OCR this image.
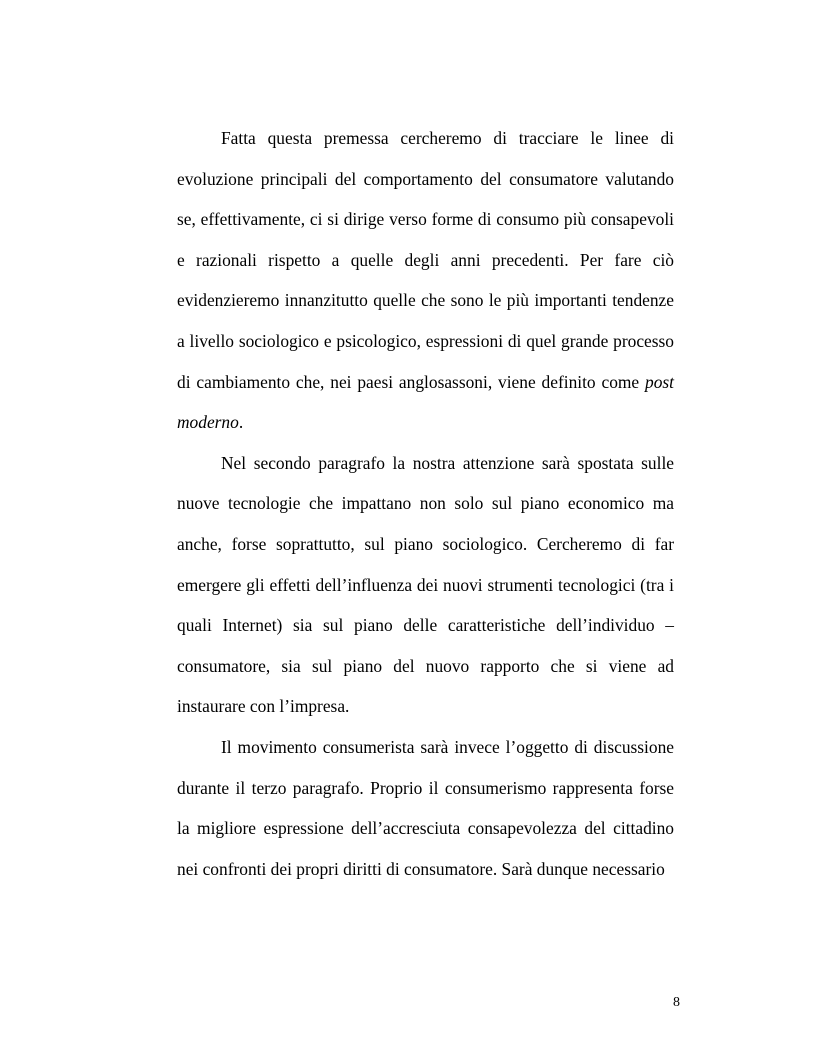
Fatta questa premessa cercheremo di tracciare le linee di evoluzione principali del comportamento del consumatore valutando se, effettivamente, ci si dirige verso forme di consumo più consapevoli e razionali rispetto a quelle degli anni precedenti. Per fare ciò evidenzieremo innanzitutto quelle che sono le più importanti tendenze a livello sociologico e psicologico, espressioni di quel grande processo di cambiamento che, nei paesi anglosassoni, viene definito come post moderno.

Nel secondo paragrafo la nostra attenzione sarà spostata sulle nuove tecnologie che impattano non solo sul piano economico ma anche, forse soprattutto, sul piano sociologico. Cercheremo di far emergere gli effetti dell’influenza dei nuovi strumenti tecnologici (tra i quali Internet) sia sul piano delle caratteristiche dell’individuo – consumatore, sia sul piano del nuovo rapporto che si viene ad instaurare con l’impresa.

Il movimento consumerista sarà invece l’oggetto di discussione durante il terzo paragrafo. Proprio il consumerismo rappresenta forse la migliore espressione dell’accresciuta consapevolezza del cittadino nei confronti dei propri diritti di consumatore. Sarà dunque necessario

8
